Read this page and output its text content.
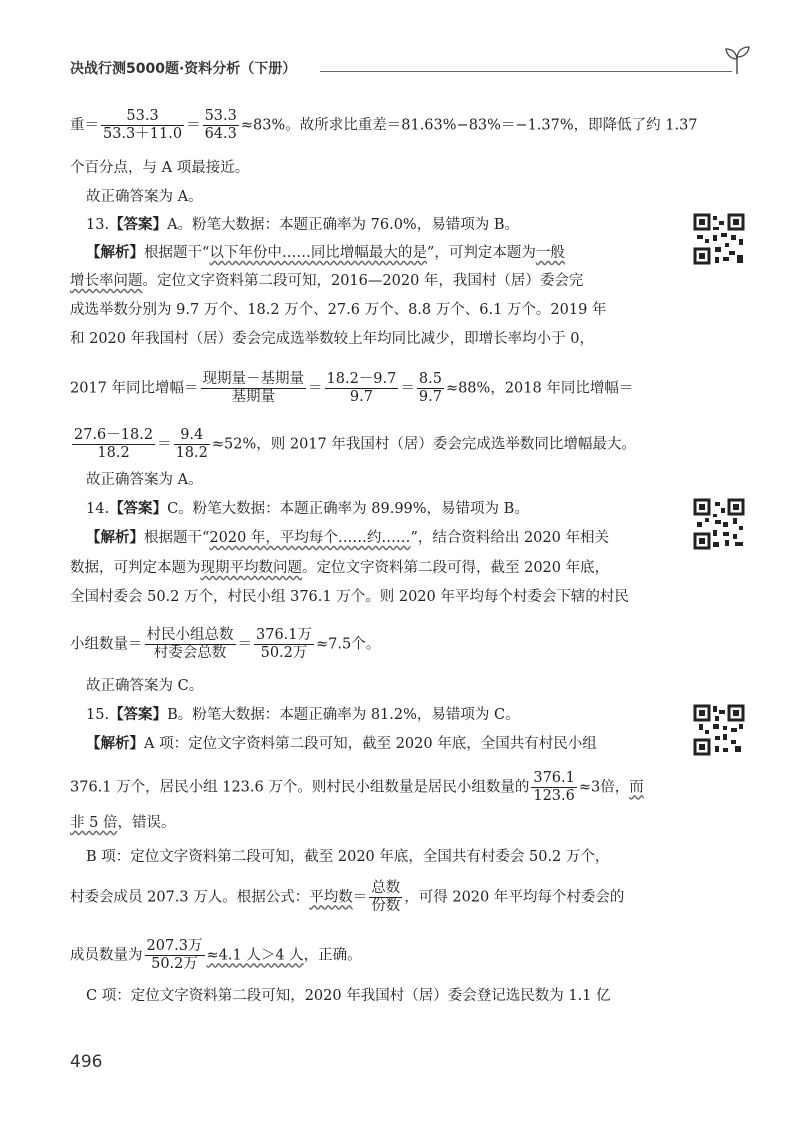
决战行测5000题·资料分析（下册）
重＝ $\frac{53.3}{53.3+11.0} = \frac{53.3}{64.3} \approx 83\%$。故所求比重差＝81.63%−83%＝−1.37%，即降低了约 1.37
个百分点，与 A 项最接近。
故正确答案为 A。
13.【答案】A。粉笔大数据：本题正确率为 76.0%，易错项为 B。
【解析】根据题干“以下年份中……同比增幅最大的是”，可判定本题为一般
增长率问题。定位文字资料第二段可知，2016—2020 年，我国村（居）委会完
成选举数分别为 9.7 万个、18.2 万个、27.6 万个、8.8 万个、6.1 万个。2019 年
和 2020 年我国村（居）委会完成选举数较上年均同比减少，即增长率均小于 0，
2017 年同比增幅＝ $\frac{\text{现期量－基期量}}{\text{基期量}} = \frac{18.2-9.7}{9.7} = \frac{8.5}{9.7} \approx 88\%$，2018 年同比增幅＝
$\frac{27.6-18.2}{18.2} = \frac{9.4}{18.2} \approx 52\%$，则 2017 年我国村（居）委会完成选举数同比增幅最大。
故正确答案为 A。
14.【答案】C。粉笔大数据：本题正确率为 89.99%，易错项为 B。
【解析】根据题干“2020 年，平均每个……约……”，结合资料给出 2020 年相关
数据，可判定本题为现期平均数问题。定位文字资料第二段可得，截至 2020 年底，
全国村委会 50.2 万个，村民小组 376.1 万个。则 2020 年平均每个村委会下辖的村民
小组数量＝ $\frac{\text{村民小组总数}}{\text{村委会总数}} = \frac{\text{376.1万}}{\text{50.2万}} \approx 7.5$个。
故正确答案为 C。
15.【答案】B。粉笔大数据：本题正确率为 81.2%，易错项为 C。
【解析】A 项：定位文字资料第二段可知，截至 2020 年底，全国共有村民小组
376.1 万个，居民小组 123.6 万个。则村民小组数量是居民小组数量的 $\frac{376.1}{123.6} \approx 3$倍，而
非 5 倍，错误。
B 项：定位文字资料第二段可知，截至 2020 年底，全国共有村委会 50.2 万个，
村委会成员 207.3 万人。根据公式：平均数＝ $\frac{\text{总数}}{\text{份数}}$ ，可得 2020 年平均每个村委会的
成员数量为 $\frac{\text{207.3万}}{\text{50.2万}} \approx 4.1$ 人＞4 人，正确。
C 项：定位文字资料第二段可知，2020 年我国村（居）委会登记选民数为 1.1 亿
496
